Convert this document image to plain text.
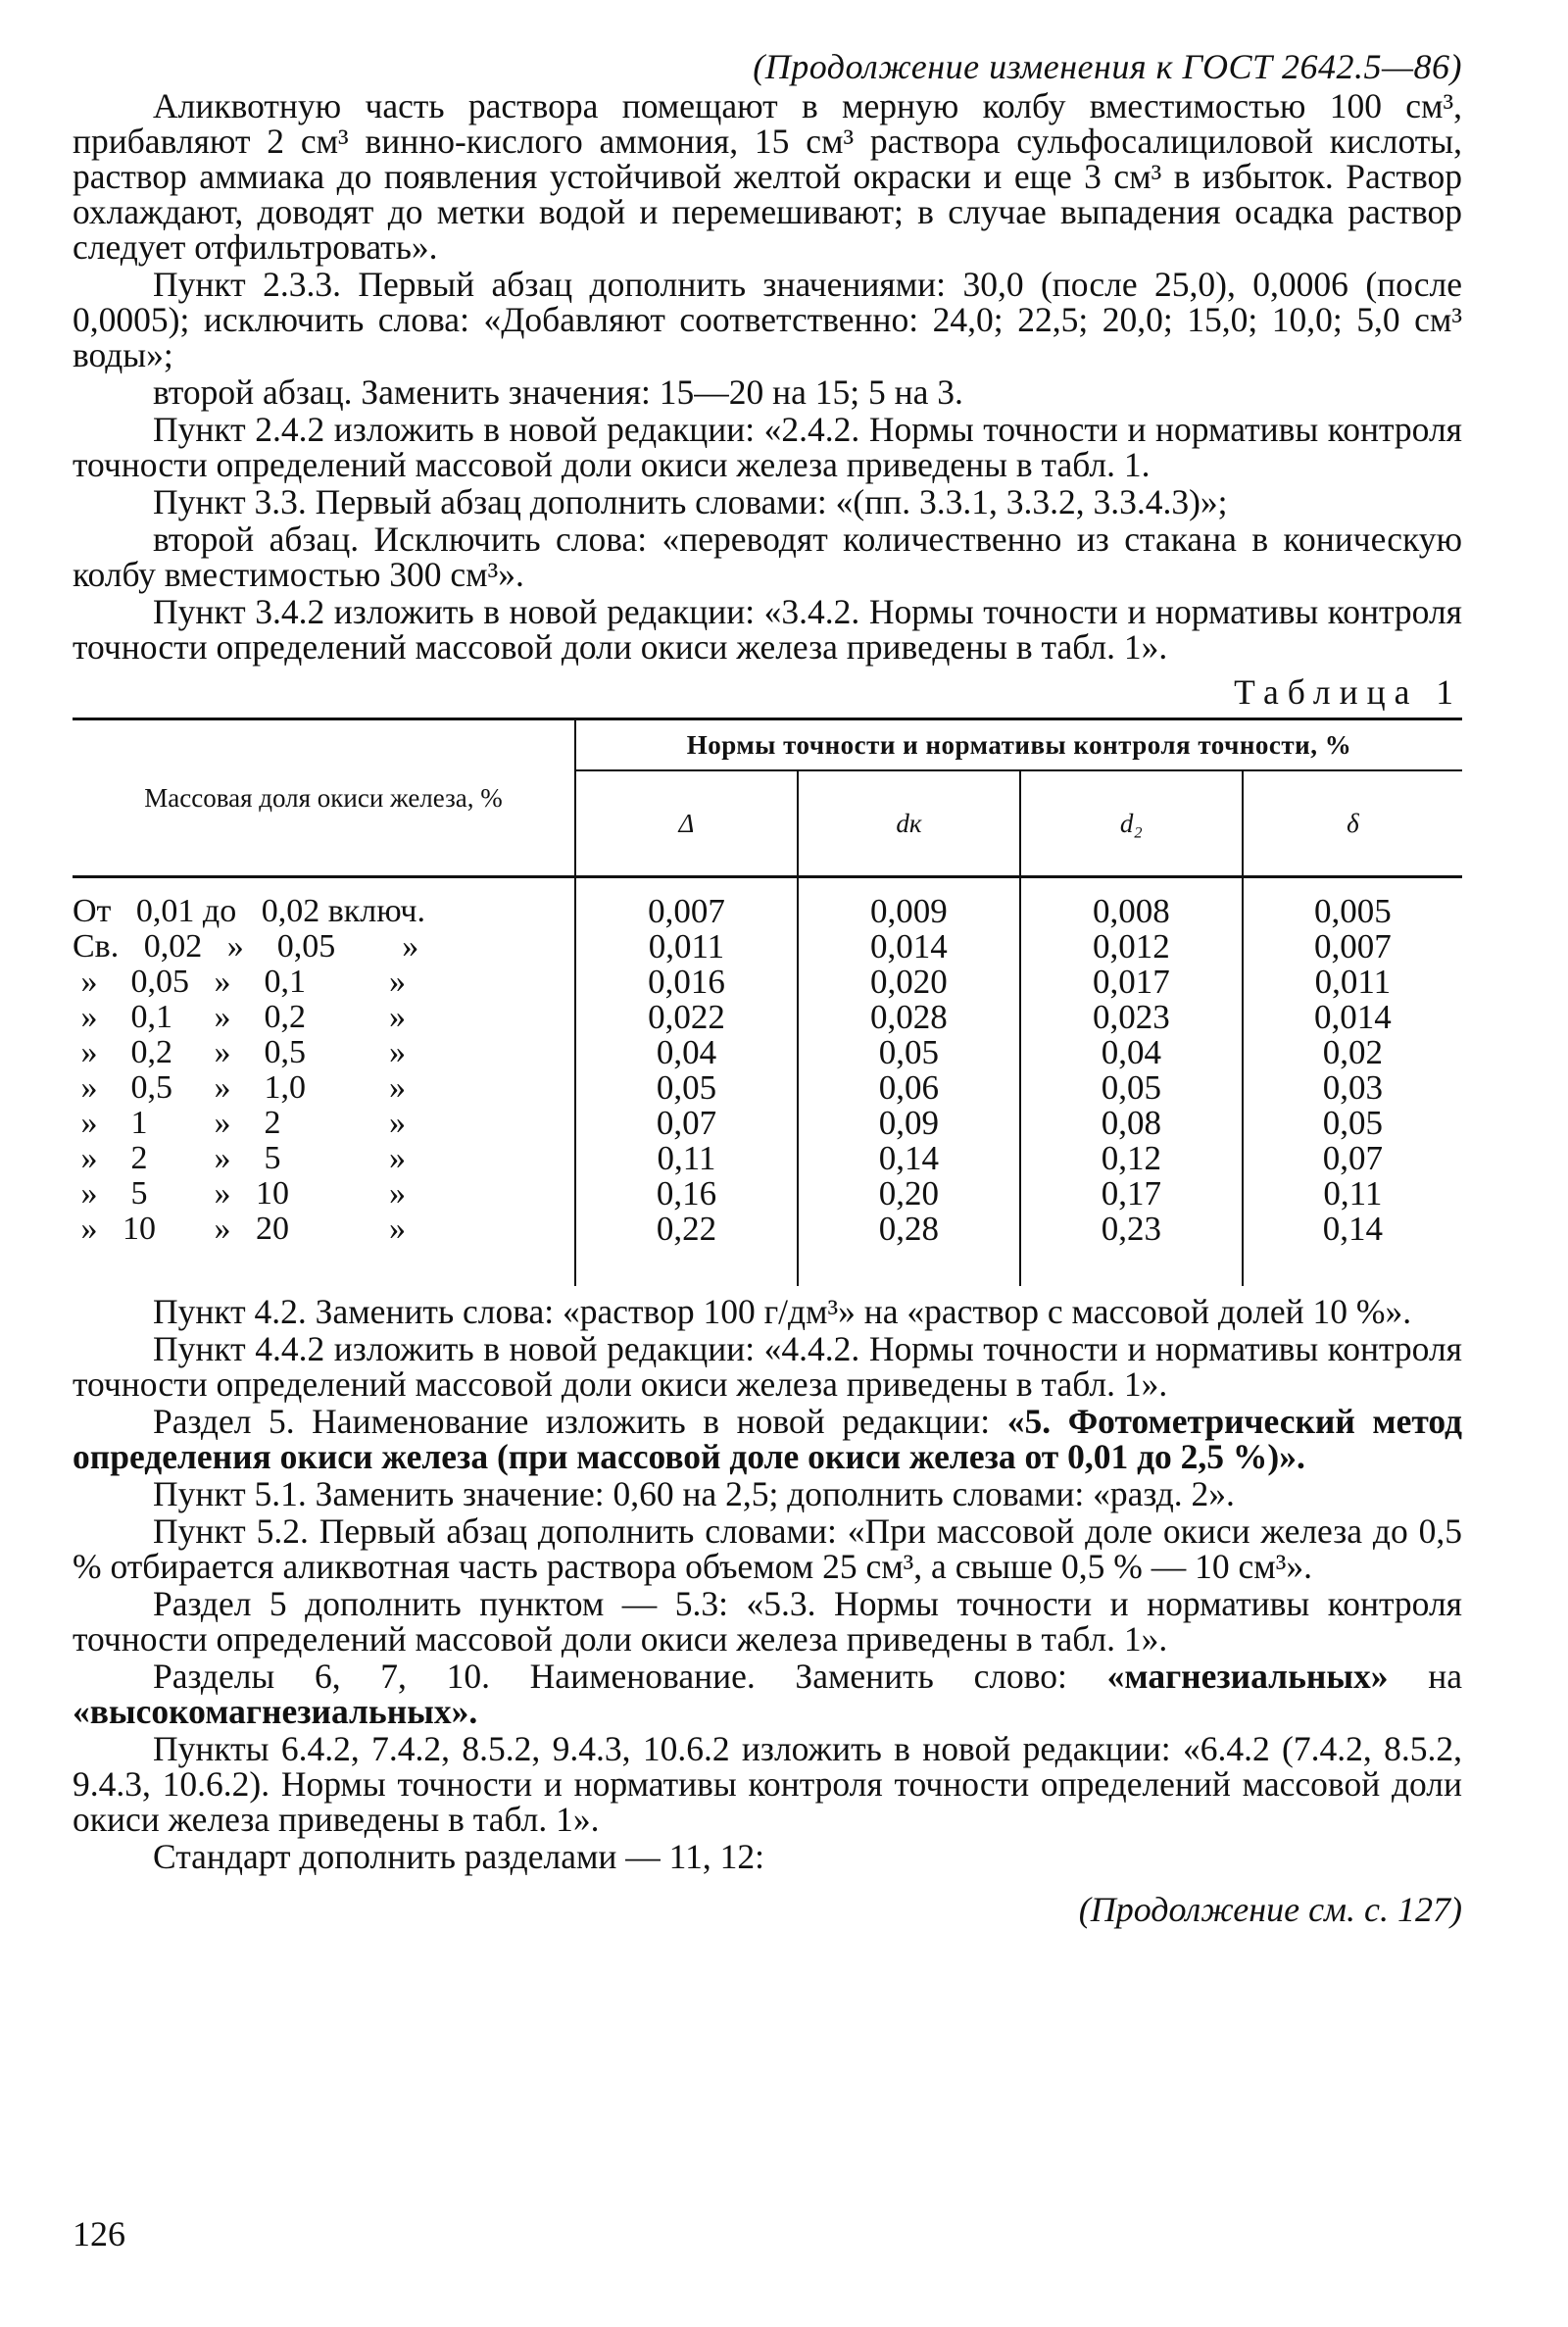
(Продолжение изменения к ГОСТ 2642.5—86)

Аликвотную часть раствора помещают в мерную колбу вместимостью 100 см³, прибавляют 2 см³ винно-кислого аммония, 15 см³ раствора сульфосалициловой кислоты, раствор аммиака до появления устойчивой желтой окраски и еще 3 см³ в избыток. Раствор охлаждают, доводят до метки водой и перемешивают; в случае выпадения осадка раствор следует отфильтровать».

Пункт 2.3.3. Первый абзац дополнить значениями: 30,0 (после 25,0), 0,0006 (после 0,0005); исключить слова: «Добавляют соответственно: 24,0; 22,5; 20,0; 15,0; 10,0; 5,0 см³ воды»;

второй абзац. Заменить значения: 15—20 на 15; 5 на 3.

Пункт 2.4.2 изложить в новой редакции: «2.4.2. Нормы точности и нормативы контроля точности определений массовой доли окиси железа приведены в табл. 1.

Пункт 3.3. Первый абзац дополнить словами: «(пп. 3.3.1, 3.3.2, 3.3.4.3)»;

второй абзац. Исключить слова: «переводят количественно из стакана в коническую колбу вместимостью 300 см³».

Пункт 3.4.2 изложить в новой редакции: «3.4.2. Нормы точности и нормативы контроля точности определений массовой доли окиси железа приведены в табл. 1».

Таблица 1
Массовая доля окиси железа, %	Нормы точности и нормативы контроля точности, %			
	Δ	dк	d₂	δ
От   0,01 до   0,02 включ.	0,007	0,009	0,008	0,005
Св.   0,02   »    0,05        »	0,011	0,014	0,012	0,007
»    0,05   »    0,1          »	0,016	0,020	0,017	0,011
»    0,1     »    0,2          »	0,022	0,028	0,023	0,014
»    0,2     »    0,5          »	0,04	0,05	0,04	0,02
»    0,5     »    1,0          »	0,05	0,06	0,05	0,03
»    1        »    2             »	0,07	0,09	0,08	0,05
»    2        »    5             »	0,11	0,14	0,12	0,07
»    5        »   10            »	0,16	0,20	0,17	0,11
»   10       »   20            »	0,22	0,28	0,23	0,14

Пункт 4.2. Заменить слова: «раствор 100 г/дм³» на «раствор с массовой долей 10 %».

Пункт 4.4.2 изложить в новой редакции: «4.4.2. Нормы точности и нормативы контроля точности определений массовой доли окиси железа приведены в табл. 1».

Раздел 5. Наименование изложить в новой редакции: «5. Фотометрический метод определения окиси железа (при массовой доле окиси железа от 0,01 до 2,5 %)».

Пункт 5.1. Заменить значение: 0,60 на 2,5; дополнить словами: «разд. 2».

Пункт 5.2. Первый абзац дополнить словами: «При массовой доле окиси железа до 0,5 % отбирается аликвотная часть раствора объемом 25 см³, а свыше 0,5 % — 10 см³».

Раздел 5 дополнить пунктом — 5.3: «5.3. Нормы точности и нормативы контроля точности определений массовой доли окиси железа приведены в табл. 1».

Разделы 6, 7, 10. Наименование. Заменить слово: «магнезиальных» на «высокомагнезиальных».

Пункты 6.4.2, 7.4.2, 8.5.2, 9.4.3, 10.6.2 изложить в новой редакции: «6.4.2 (7.4.2, 8.5.2, 9.4.3, 10.6.2). Нормы точности и нормативы контроля точности определений массовой доли окиси железа приведены в табл. 1».

Стандарт дополнить разделами — 11, 12:

(Продолжение см. с. 127)
126
